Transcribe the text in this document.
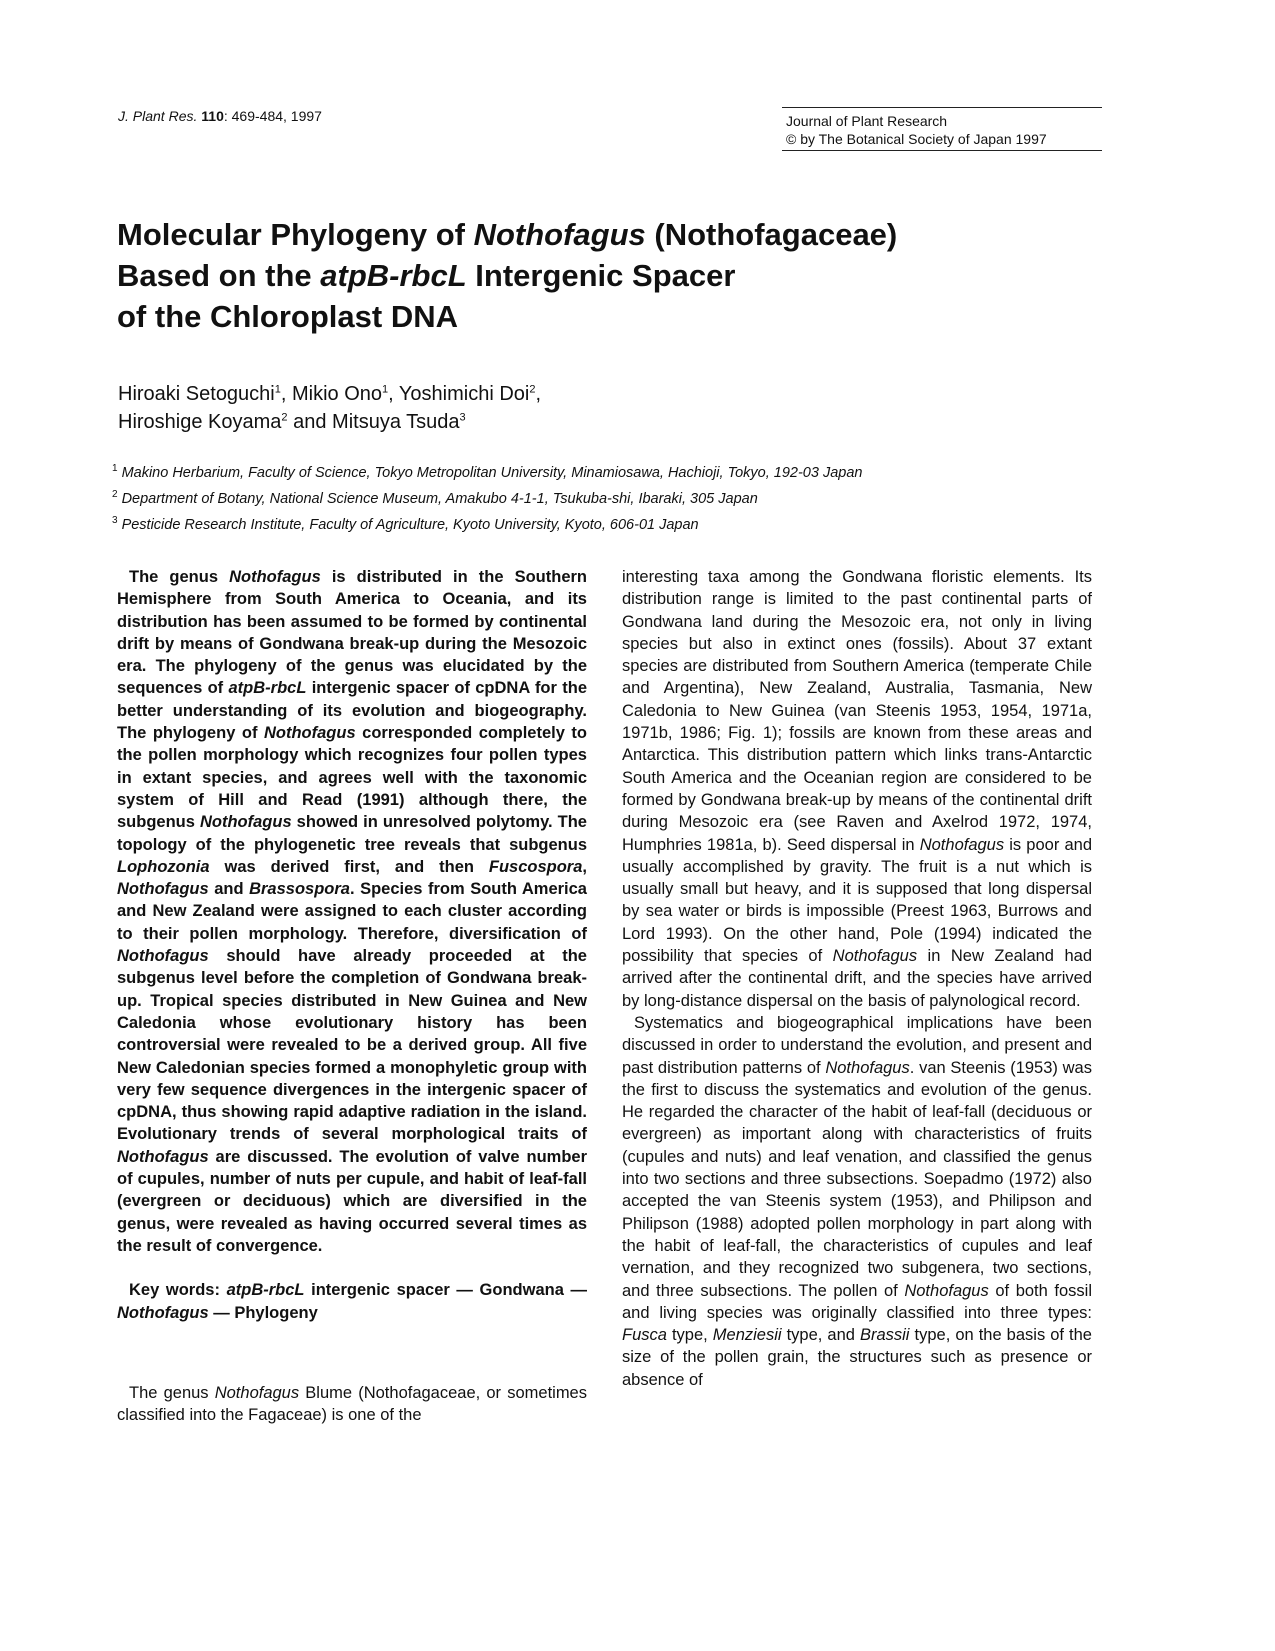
J. Plant Res. 110: 469-484, 1997	Journal of Plant Research
© by The Botanical Society of Japan 1997
Molecular Phylogeny of Nothofagus (Nothofagaceae)
Based on the atpB-rbcL Intergenic Spacer
of the Chloroplast DNA
Hiroaki Setoguchi$^1$, Mikio Ono$^1$, Yoshimichi Doi$^2$,
Hiroshige Koyama$^2$ and Mitsuya Tsuda$^3$
$^1$ Makino Herbarium, Faculty of Science, Tokyo Metropolitan University, Minamiosawa, Hachioji, Tokyo, 192-03 Japan
$^2$ Department of Botany, National Science Museum, Amakubo 4-1-1, Tsukuba-shi, Ibaraki, 305 Japan
$^3$ Pesticide Research Institute, Faculty of Agriculture, Kyoto University, Kyoto, 606-01 Japan

The genus Nothofagus is distributed in the Southern Hemisphere from South America to Oceania, and its distribution has been assumed to be formed by continental drift by means of Gondwana break-up during the Mesozoic era. The phylogeny of the genus was elucidated by the sequences of atpB-rbcL intergenic spacer of cpDNA for the better understanding of its evolution and biogeography. The phylogeny of Nothofagus corresponded completely to the pollen morphology which recognizes four pollen types in extant species, and agrees well with the taxonomic system of Hill and Read (1991) although there, the subgenus Nothofagus showed in unresolved polytomy. The topology of the phylogenetic tree reveals that subgenus Lophozonia was derived first, and then Fuscospora, Nothofagus and Brassospora. Species from South America and New Zealand were assigned to each cluster according to their pollen morphology. Therefore, diversification of Nothofagus should have already proceeded at the subgenus level before the completion of Gondwana break-up. Tropical species distributed in New Guinea and New Caledonia whose evolutionary history has been controversial were revealed to be a derived group. All five New Caledonian species formed a monophyletic group with very few sequence divergences in the intergenic spacer of cpDNA, thus showing rapid adaptive radiation in the island. Evolutionary trends of several morphological traits of Nothofagus are discussed. The evolution of valve number of cupules, number of nuts per cupule, and habit of leaf-fall (evergreen or deciduous) which are diversified in the genus, were revealed as having occurred several times as the result of convergence.

Key words: atpB-rbcL intergenic spacer — Gondwana — Nothofagus — Phylogeny

The genus Nothofagus Blume (Nothofagaceae, or sometimes classified into the Fagaceae) is one of the

interesting taxa among the Gondwana floristic elements. Its distribution range is limited to the past continental parts of Gondwana land during the Mesozoic era, not only in living species but also in extinct ones (fossils). About 37 extant species are distributed from Southern America (temperate Chile and Argentina), New Zealand, Australia, Tasmania, New Caledonia to New Guinea (van Steenis 1953, 1954, 1971a, 1971b, 1986; Fig. 1); fossils are known from these areas and Antarctica. This distribution pattern which links trans-Antarctic South America and the Oceanian region are considered to be formed by Gondwana break-up by means of the continental drift during Mesozoic era (see Raven and Axelrod 1972, 1974, Humphries 1981a, b). Seed dispersal in Nothofagus is poor and usually accomplished by gravity. The fruit is a nut which is usually small but heavy, and it is supposed that long dispersal by sea water or birds is impossible (Preest 1963, Burrows and Lord 1993). On the other hand, Pole (1994) indicated the possibility that species of Nothofagus in New Zealand had arrived after the continental drift, and the species have arrived by long-distance dispersal on the basis of palynological record.

Systematics and biogeographical implications have been discussed in order to understand the evolution, and present and past distribution patterns of Nothofagus. van Steenis (1953) was the first to discuss the systematics and evolution of the genus. He regarded the character of the habit of leaf-fall (deciduous or evergreen) as important along with characteristics of fruits (cupules and nuts) and leaf venation, and classified the genus into two sections and three subsections. Soepadmo (1972) also accepted the van Steenis system (1953), and Philipson and Philipson (1988) adopted pollen morphology in part along with the habit of leaf-fall, the characteristics of cupules and leaf vernation, and they recognized two subgenera, two sections, and three subsections. The pollen of Nothofagus of both fossil and living species was originally classified into three types: Fusca type, Menziesii type, and Brassii type, on the basis of the size of the pollen grain, the structures such as presence or absence of
